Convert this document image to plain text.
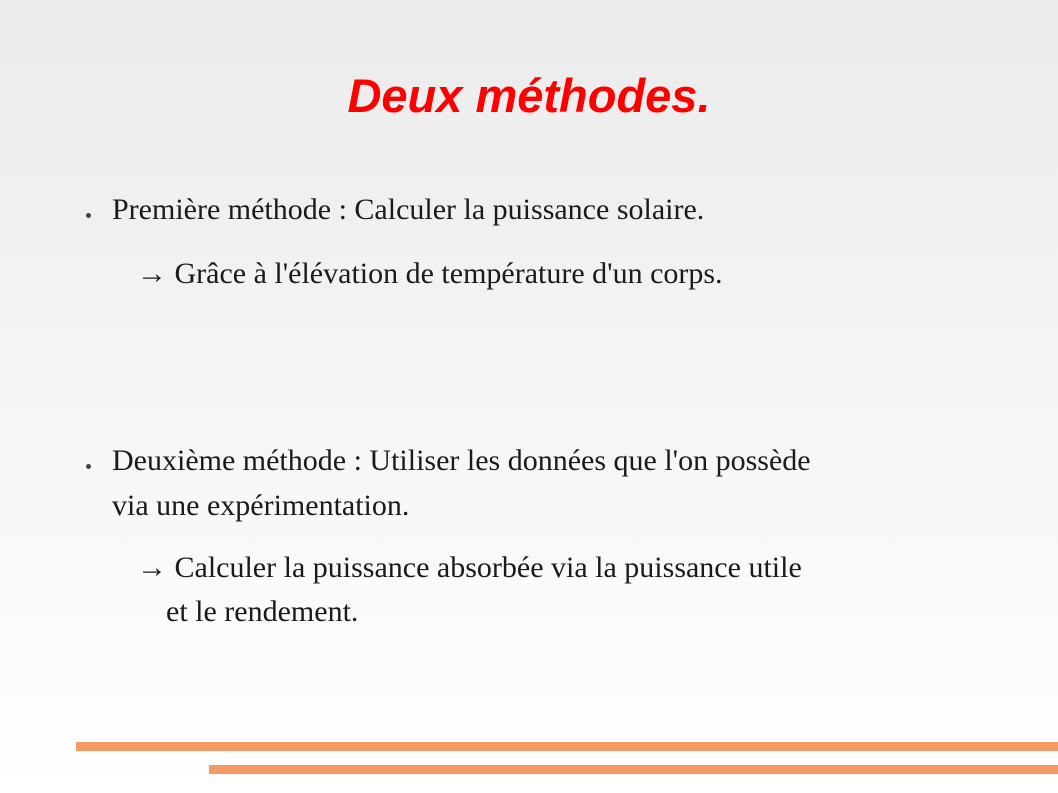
Deux méthodes.
Première méthode : Calculer la puissance solaire.
→ Grâce à l'élévation de température d'un corps.
Deuxième méthode : Utiliser les données que l'on possède
via une expérimentation.
→ Calculer la puissance absorbée via la puissance utile
et le rendement.
